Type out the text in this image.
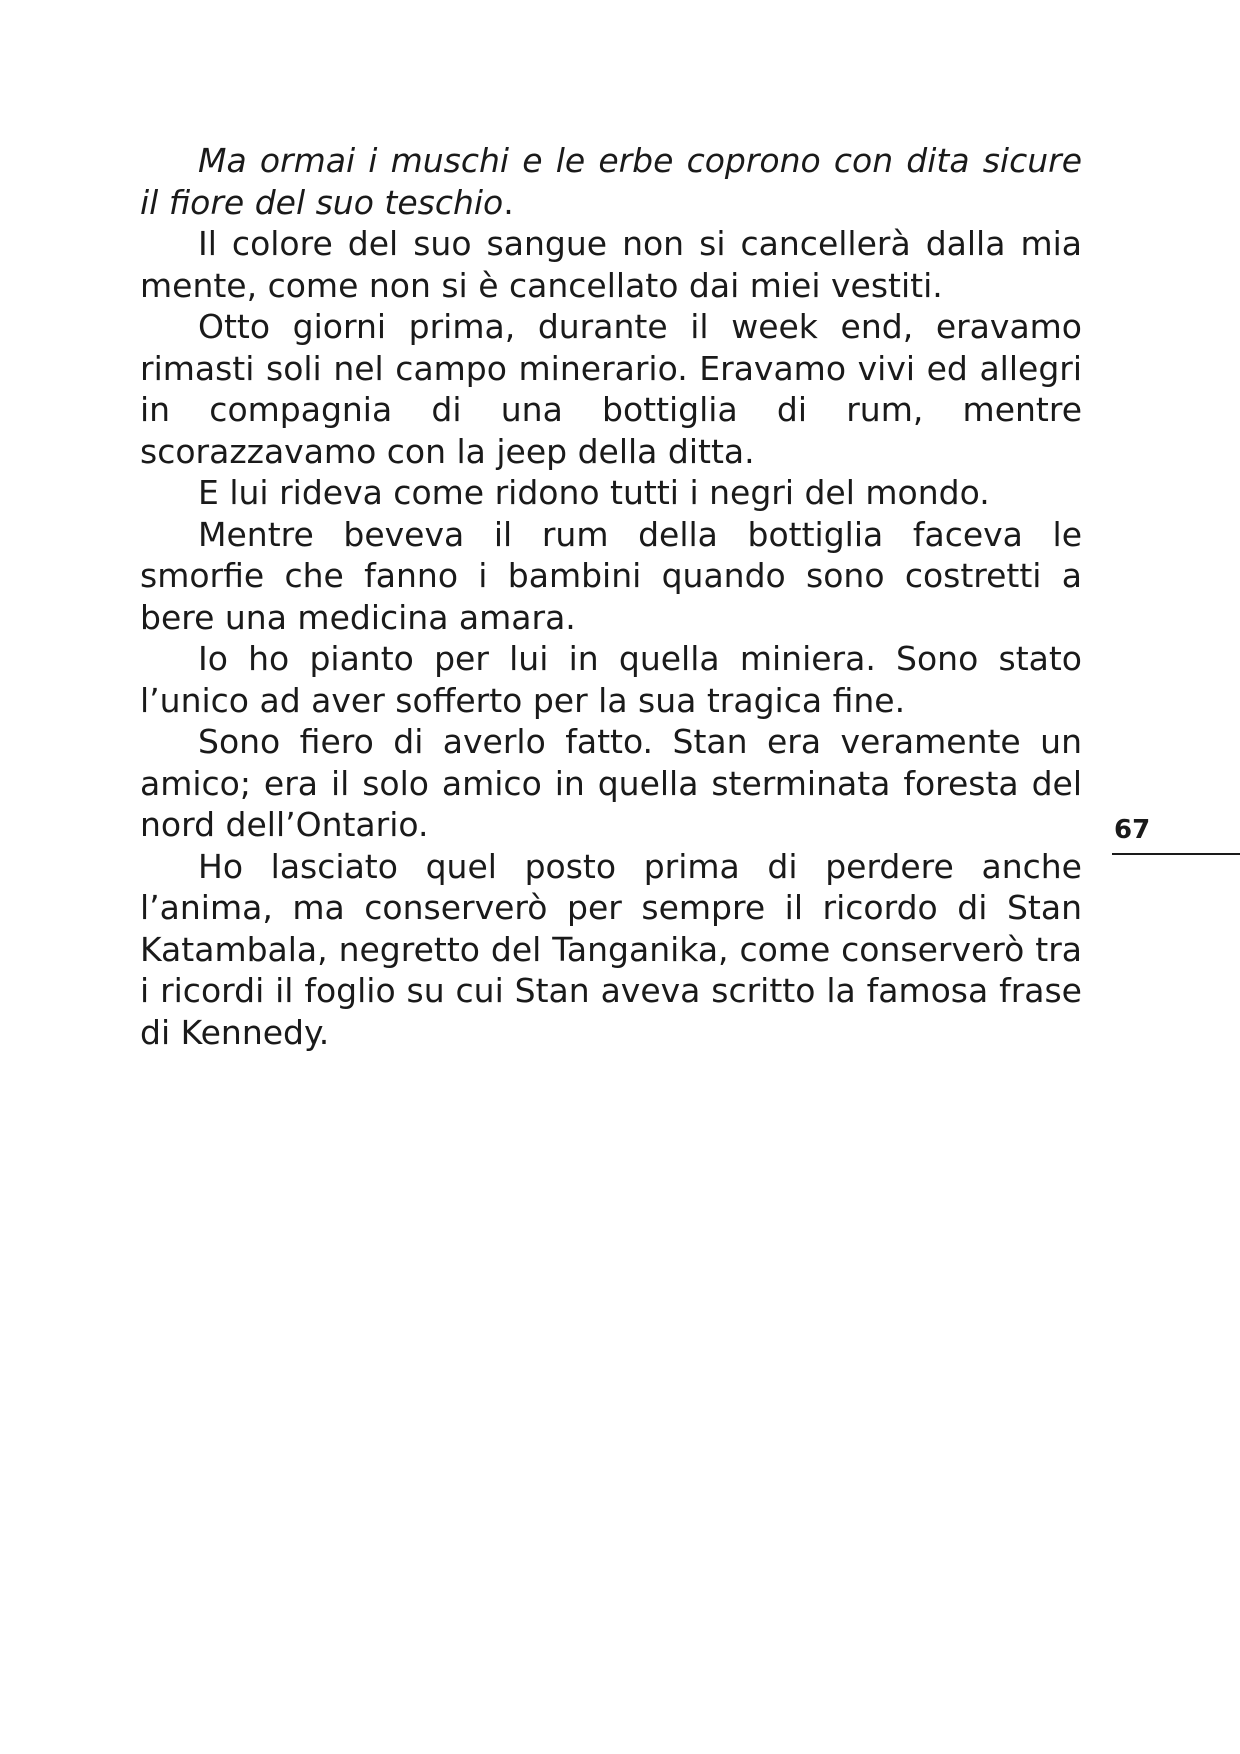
Ma ormai i muschi e le erbe coprono con dita sicure il fiore del suo teschio.

Il colore del suo sangue non si cancellerà dalla mia mente, come non si è cancellato dai miei vestiti.

Otto giorni prima, durante il week end, eravamo rimasti soli nel campo minerario. Eravamo vivi ed allegri in compagnia di una bottiglia di rum, mentre scorazzavamo con la jeep della ditta.

E lui rideva come ridono tutti i negri del mondo.

Mentre beveva il rum della bottiglia faceva le smorfie che fanno i bambini quando sono costretti a bere una medicina amara.

Io ho pianto per lui in quella miniera. Sono stato l’unico ad aver sofferto per la sua tragica fine.

Sono fiero di averlo fatto. Stan era veramente un amico; era il solo amico in quella sterminata foresta del nord dell’Ontario.

Ho lasciato quel posto prima di perdere anche l’anima, ma conserverò per sempre il ricordo di Stan Katambala, negretto del Tanganika, come conserverò tra i ricordi il foglio su cui Stan aveva scritto la famosa frase di Kennedy.

67
